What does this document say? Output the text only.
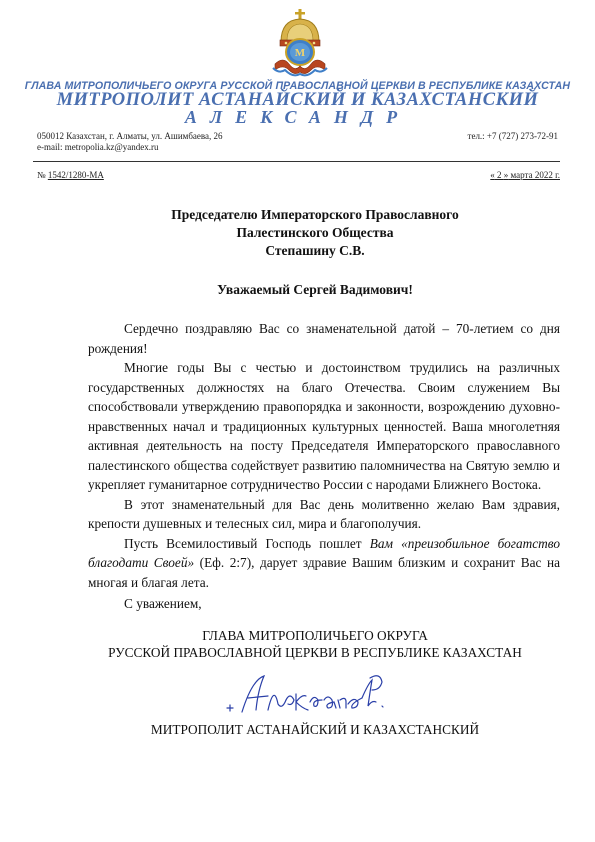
М
ГЛАВА МИТРОПОЛИЧЬЕГО ОКРУГА РУССКОЙ ПРАВОСЛАВНОЙ ЦЕРКВИ В РЕСПУБЛИКЕ КАЗАХСТАН
МИТРОПОЛИТ АСТАНАЙСКИЙ И КАЗАХСТАНСКИЙ
АЛЕКСАНДР
050012 Казахстан, г. Алматы, ул. Ашимбаева, 26
e-mail: metropolia.kz@yandex.ru
тел.: +7 (727) 273-72-91
№ 1542/1280-МА	« 2 » марта 2022 г.
Председателю Императорского Православного
Палестинского Общества
Степашину С.В.
Уважаемый Сергей Вадимович!

Сердечно поздравляю Вас со знаменательной датой – 70-летием со дня рождения!

Многие годы Вы с честью и достоинством трудились на различных государственных должностях на благо Отечества. Своим служением Вы способствовали утверждению правопорядка и законности, возрождению духовно-нравственных начал и традиционных культурных ценностей. Ваша многолетняя активная деятельность на посту Председателя Императорского православного палестинского общества содействует развитию паломничества на Святую землю и укрепляет гуманитарное сотрудничество России с народами Ближнего Востока.

В этот знаменательный для Вас день молитвенно желаю Вам здравия, крепости душевных и телесных сил, мира и благополучия.

Пусть Всемилостивый Господь пошлет Вам «преизобильное богатство благодати Своей» (Еф. 2:7), дарует здравие Вашим близким и сохранит Вас на многая и благая лета.

С уважением,
ГЛАВА МИТРОПОЛИЧЬЕГО ОКРУГА
РУССКОЙ ПРАВОСЛАВНОЙ ЦЕРКВИ В РЕСПУБЛИКЕ КАЗАХСТАН
МИТРОПОЛИТ АСТАНАЙСКИЙ И КАЗАХСТАНСКИЙ
